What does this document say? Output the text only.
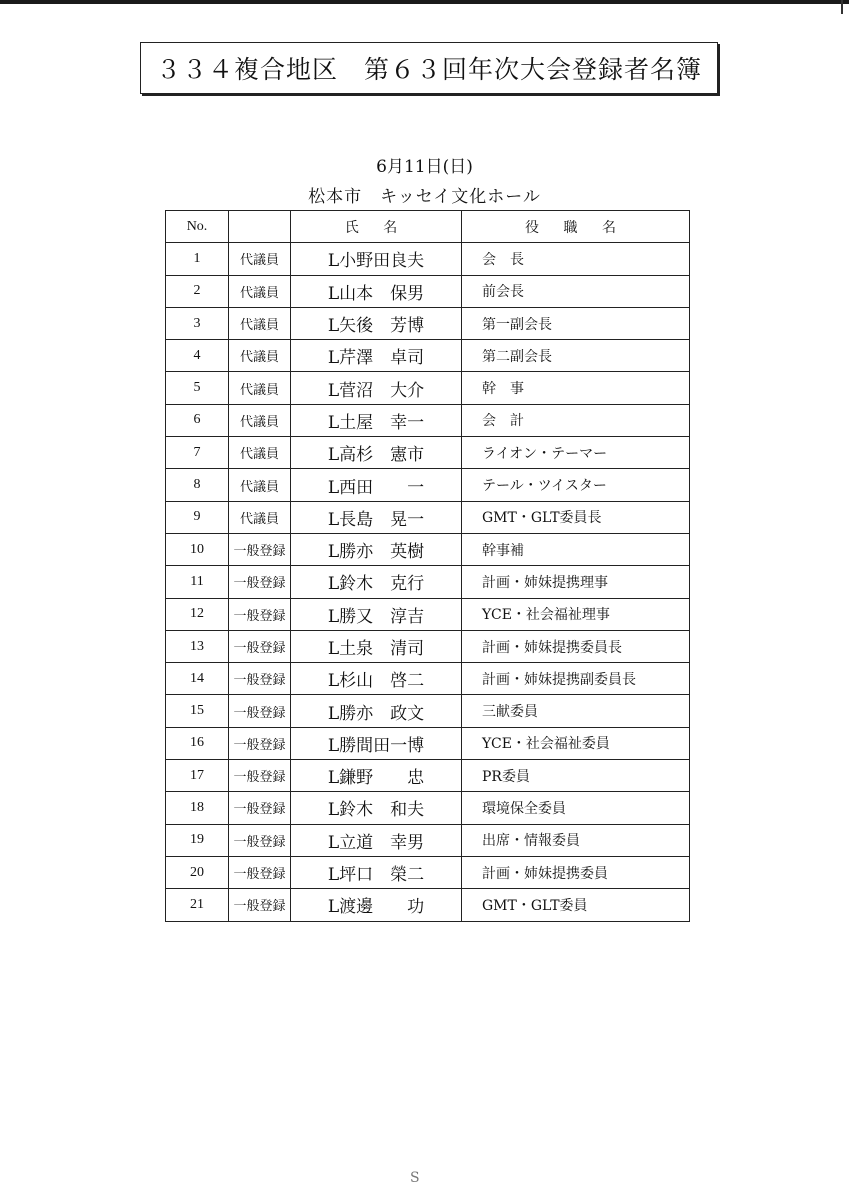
３３４複合地区　第６３回年次大会登録者名簿
6月11日(日)
松本市　キッセイ文化ホール
No.		氏 名	役 職 名
1	代議員	L小野田良夫	会　長
2	代議員	L山本　保男	前会長
3	代議員	L矢後　芳博	第一副会長
4	代議員	L芹澤　卓司	第二副会長
5	代議員	L菅沼　大介	幹　事
6	代議員	L土屋　幸一	会　計
7	代議員	L高杉　憲市	ライオン・テーマー
8	代議員	L西田　　一	テール・ツイスター
9	代議員	L長島　晃一	GMT・GLT委員長
10	一般登録	L勝亦　英樹	幹事補
11	一般登録	L鈴木　克行	計画・姉妹提携理事
12	一般登録	L勝又　淳吉	YCE・社会福祉理事
13	一般登録	L土泉　清司	計画・姉妹提携委員長
14	一般登録	L杉山　啓二	計画・姉妹提携副委員長
15	一般登録	L勝亦　政文	三献委員
16	一般登録	L勝間田一博	YCE・社会福祉委員
17	一般登録	L鎌野　　忠	PR委員
18	一般登録	L鈴木　和夫	環境保全委員
19	一般登録	L立道　幸男	出席・情報委員
20	一般登録	L坪口　榮二	計画・姉妹提携委員
21	一般登録	L渡邊　　功	GMT・GLT委員
S
